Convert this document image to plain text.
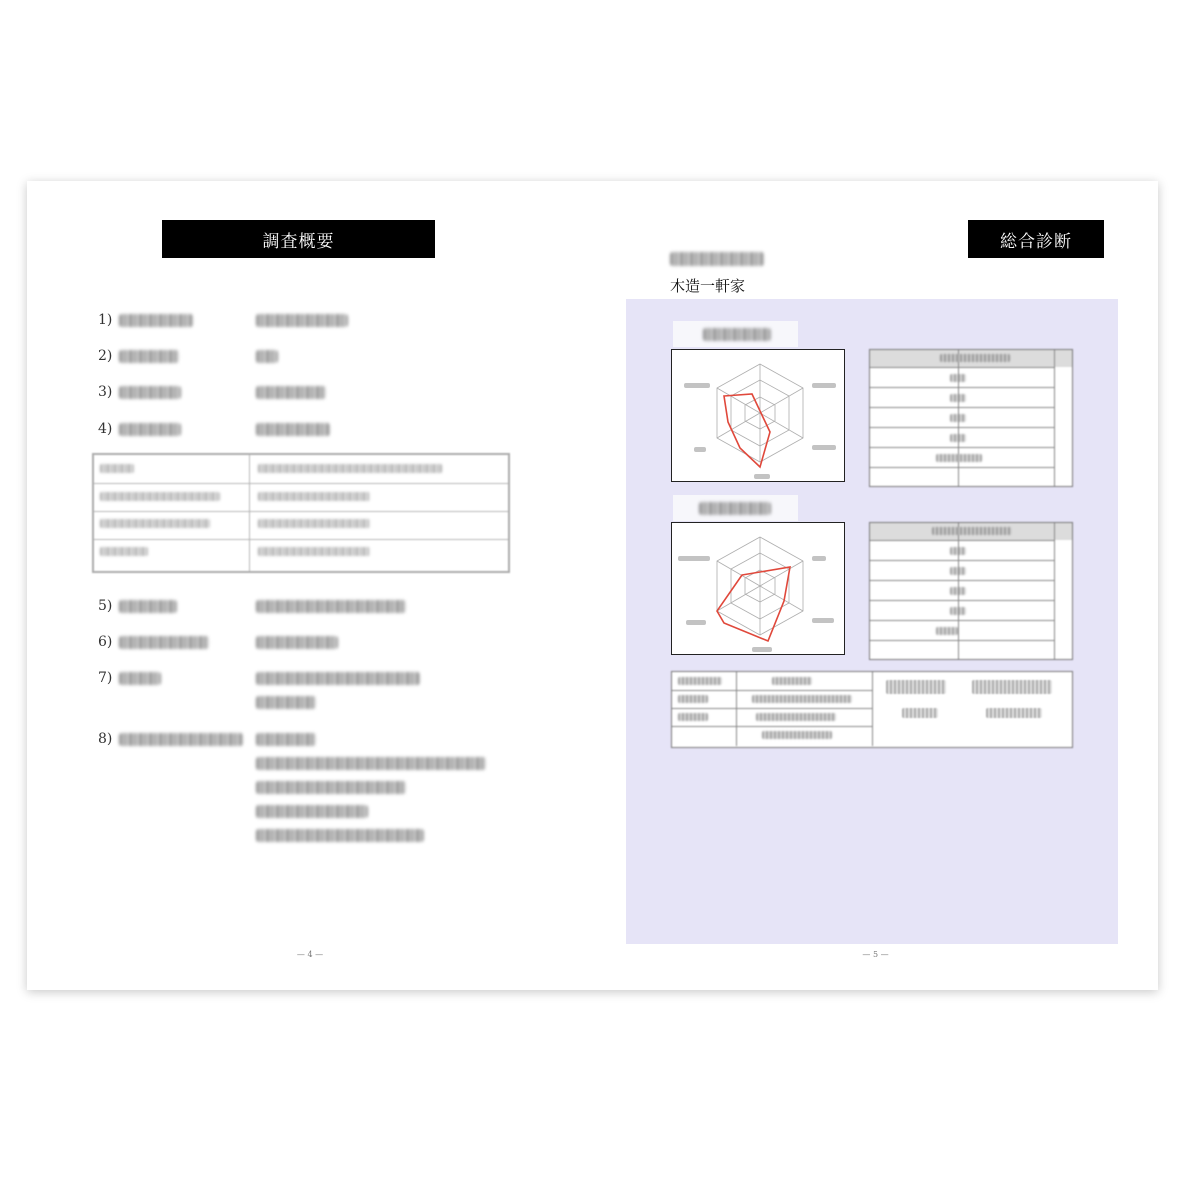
調査概要
1)
2)
3)
4)
5)
6)
7)
8)
— 4 —
総合診断
木造一軒家
— 5 —
